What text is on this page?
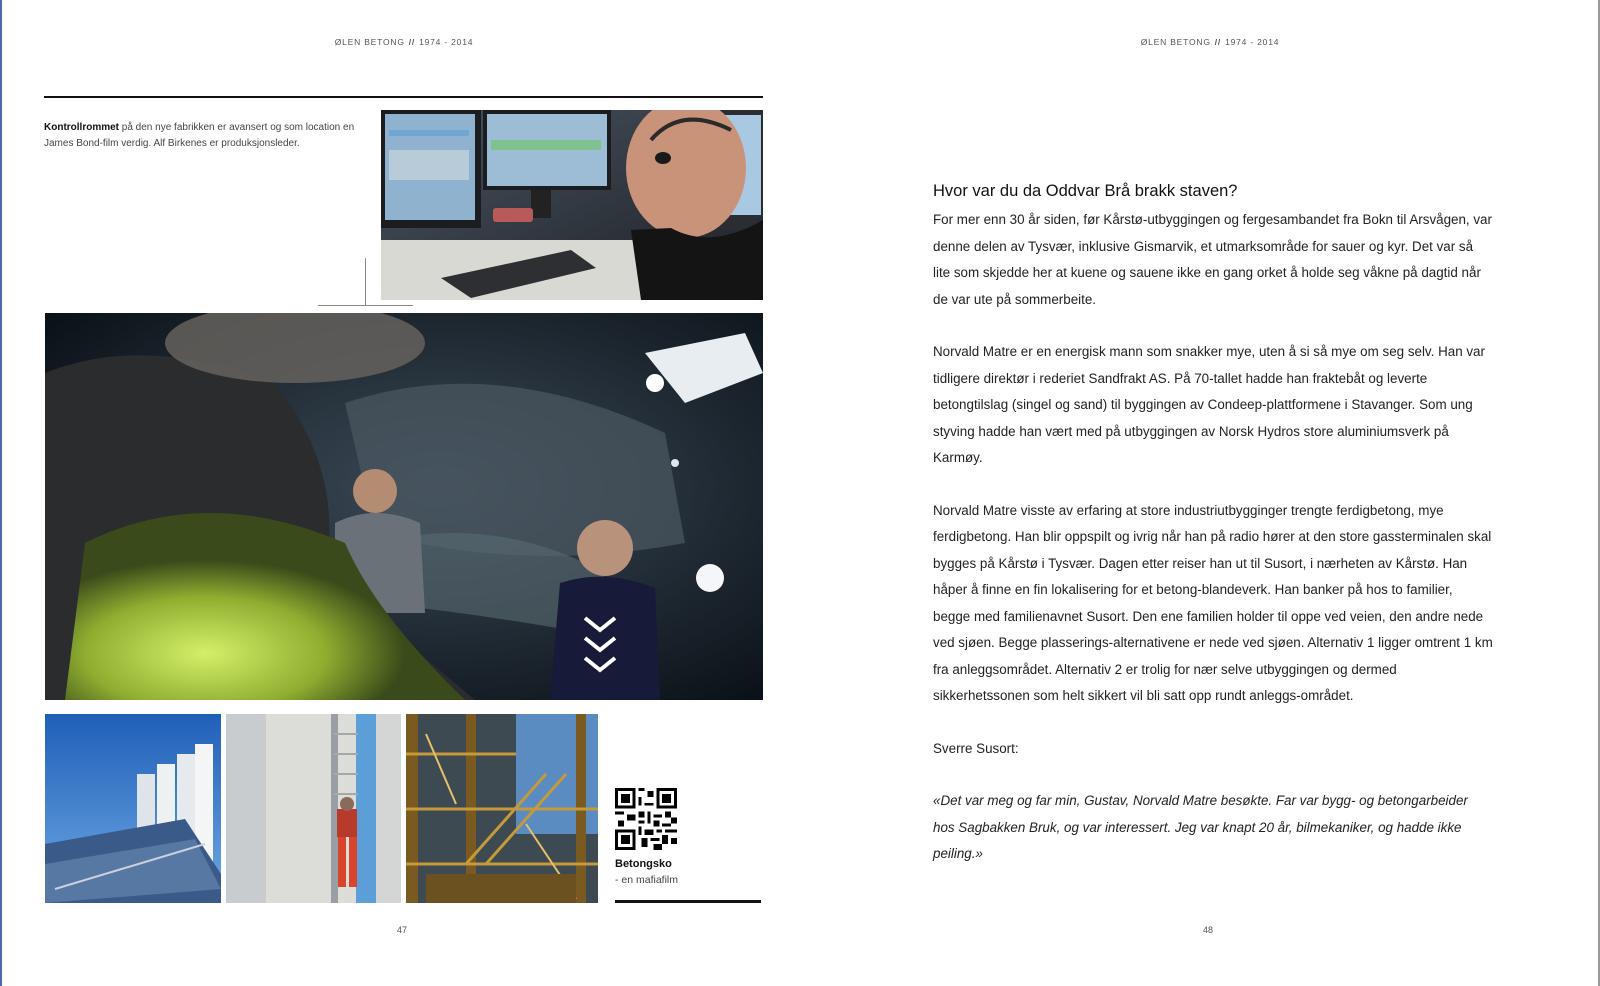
ØLEN BETONG // 1974 - 2014	ØLEN BETONG // 1974 - 2014
Kontrollrommet på den nye fabrikken er avansert og som location en James Bond-film verdig. Alf Birkenes er produksjonsleder.
Betongsko
- en mafiafilm
47
Hvor var du da Oddvar Brå brakk staven?

For mer enn 30 år siden, før Kårstø-utbyggingen og fergesambandet fra Bokn til Arsvågen, var denne delen av Tysvær, inklusive Gismarvik, et utmarksområde for sauer og kyr. Det var så lite som skjedde her at kuene og sauene ikke en gang orket å holde seg våkne på dagtid når de var ute på sommerbeite.

Norvald Matre er en energisk mann som snakker mye, uten å si så mye om seg selv. Han var tidligere direktør i rederiet Sandfrakt AS. På 70-tallet hadde han fraktebåt og leverte betongtilslag (singel og sand) til byggingen av Condeep-plattformene i Stavanger. Som ung styving hadde han vært med på utbyggingen av Norsk Hydros store aluminiumsverk på Karmøy.

Norvald Matre visste av erfaring at store industriutbygginger trengte ferdigbetong, mye ferdigbetong. Han blir oppspilt og ivrig når han på radio hører at den store gassterminalen skal bygges på Kårstø i Tysvær. Dagen etter reiser han ut til Susort, i nærheten av Kårstø. Han håper å finne en fin lokalisering for et betong-blandeverk. Han banker på hos to familier, begge med familienavnet Susort. Den ene familien holder til oppe ved veien, den andre nede ved sjøen. Begge plasserings-alternativene er nede ved sjøen. Alternativ 1 ligger omtrent 1 km fra anleggsområdet. Alternativ 2 er trolig for nær selve utbyggingen og dermed sikkerhetssonen som helt sikkert vil bli satt opp rundt anleggs-området.

Sverre Susort:

«Det var meg og far min, Gustav, Norvald Matre besøkte. Far var bygg- og betongarbeider hos Sagbakken Bruk, og var interessert. Jeg var knapt 20 år, bilmekaniker, og hadde ikke peiling.»

48
